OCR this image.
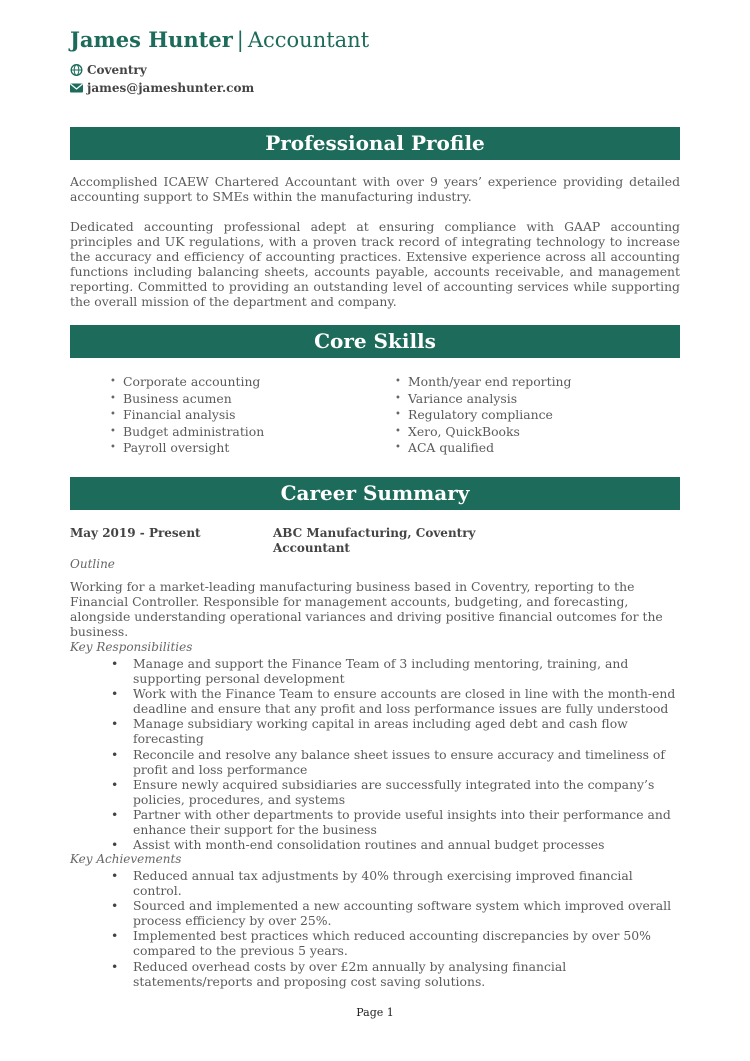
James Hunter | Accountant
Coventry
james@jameshunter.com
Professional Profile
Accomplished ICAEW Chartered Accountant with over 9 years’ experience providing detailed accounting support to SMEs within the manufacturing industry.
Dedicated accounting professional adept at ensuring compliance with GAAP accounting principles and UK regulations, with a proven track record of integrating technology to increase the accuracy and efficiency of accounting practices. Extensive experience across all accounting functions including balancing sheets, accounts payable, accounts receivable, and management reporting. Committed to providing an outstanding level of accounting services while supporting the overall mission of the department and company.
Core Skills
• Corporate accounting
• Business acumen
• Financial analysis
• Budget administration
• Payroll oversight
• Month/year end reporting
• Variance analysis
• Regulatory compliance
• Xero, QuickBooks
• ACA qualified
Career Summary
May 2019 - Present	ABC Manufacturing, Coventry
Accountant
Outline
Working for a market-leading manufacturing business based in Coventry, reporting to the Financial Controller. Responsible for management accounts, budgeting, and forecasting, alongside understanding operational variances and driving positive financial outcomes for the business.
Key Responsibilities
• Manage and support the Finance Team of 3 including mentoring, training, and supporting personal development
• Work with the Finance Team to ensure accounts are closed in line with the month-end deadline and ensure that any profit and loss performance issues are fully understood
• Manage subsidiary working capital in areas including aged debt and cash flow forecasting
• Reconcile and resolve any balance sheet issues to ensure accuracy and timeliness of profit and loss performance
• Ensure newly acquired subsidiaries are successfully integrated into the company’s policies, procedures, and systems
• Partner with other departments to provide useful insights into their performance and enhance their support for the business
• Assist with month-end consolidation routines and annual budget processes
Key Achievements
• Reduced annual tax adjustments by 40% through exercising improved financial control.
• Sourced and implemented a new accounting software system which improved overall process efficiency by over 25%.
• Implemented best practices which reduced accounting discrepancies by over 50% compared to the previous 5 years.
• Reduced overhead costs by over £2m annually by analysing financial statements/reports and proposing cost saving solutions.
Page 1
